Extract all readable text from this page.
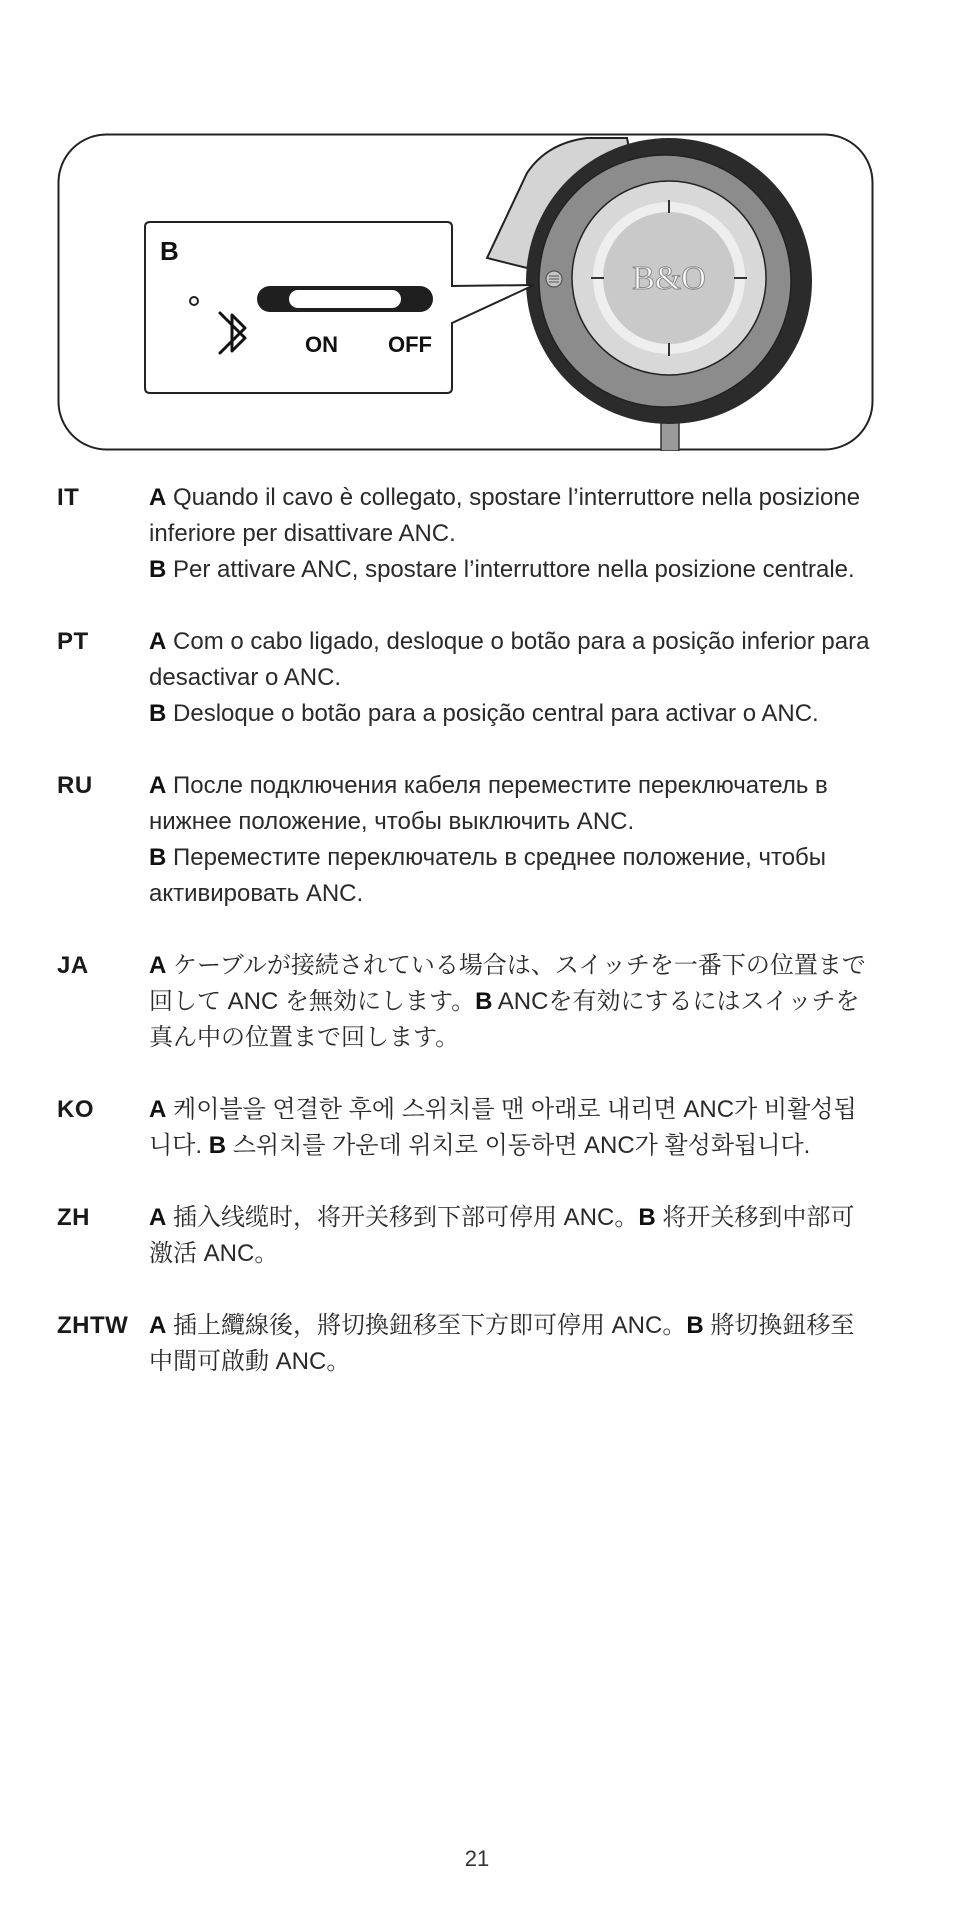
B&O
B
ON OFF
IT	A Quando il cavo è collegato, spostare l’interruttore nella posizione inferiore per disattivare ANC.

B Per attivare ANC, spostare l’interruttore nella posizione centrale.

PT	A Com o cabo ligado, desloque o botão para a posição inferior para desactivar o ANC.

B Desloque o botão para a posição central para activar o ANC.

RU	A После подключения кабеля переместите переключатель в нижнее положение, чтобы выключить ANC.

B Переместите переключатель в среднее положение, чтобы активировать ANC.

JA	A ケーブルが接続されている場合は、スイッチを一番下の位置まで回して ANC を無効にします。B ANCを有効にするにはスイッチを真ん中の位置まで回します。

KO	A 케이블을 연결한 후에 스위치를 맨 아래로 내리면 ANC가 비활성됩니다. B 스위치를 가운데 위치로 이동하면 ANC가 활성화됩니다.

ZH	A 插入线缆时，将开关移到下部可停用 ANC。B 将开关移到中部可激活 ANC。

ZHTW A 插上纜線後，將切換鈕移至下方即可停用 ANC。B 將切換鈕移至中間可啟動 ANC。

21
